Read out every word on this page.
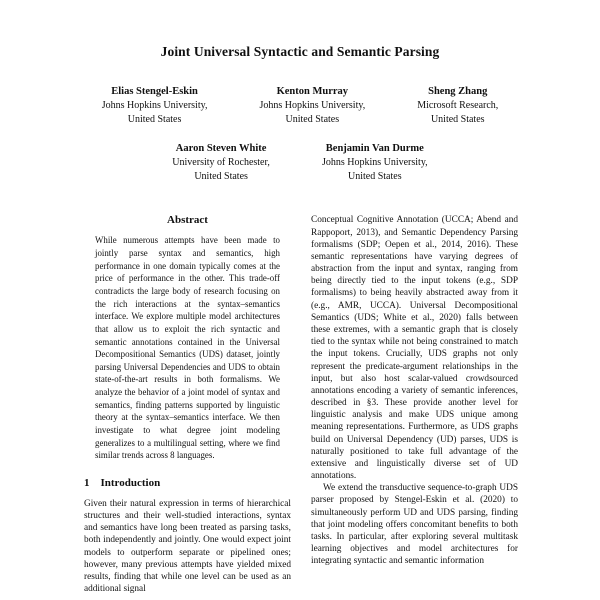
Joint Universal Syntactic and Semantic Parsing
Elias Stengel-Eskin
Johns Hopkins University,
United States
Kenton Murray
Johns Hopkins University,
United States
Sheng Zhang
Microsoft Research,
United States
Aaron Steven White
University of Rochester,
United States
Benjamin Van Durme
Johns Hopkins University,
United States
Abstract
While numerous attempts have been made to jointly parse syntax and semantics, high performance in one domain typically comes at the price of performance in the other. This trade-off contradicts the large body of research focusing on the rich interactions at the syntax–semantics interface. We explore multiple model architectures that allow us to exploit the rich syntactic and semantic annotations contained in the Universal Decompositional Semantics (UDS) dataset, jointly parsing Universal Dependencies and UDS to obtain state-of-the-art results in both formalisms. We analyze the behavior of a joint model of syntax and semantics, finding patterns supported by linguistic theory at the syntax–semantics interface. We then investigate to what degree joint modeling generalizes to a multilingual setting, where we find similar trends across 8 languages.
1 Introduction
Given their natural expression in terms of hierarchical structures and their well-studied interactions, syntax and semantics have long been treated as parsing tasks, both independently and jointly. One would expect joint models to outperform separate or pipelined ones; however, many previous attempts have yielded mixed results, finding that while one level can be used as an additional signal
Conceptual Cognitive Annotation (UCCA; Abend and Rappoport, 2013), and Semantic Dependency Parsing formalisms (SDP; Oepen et al., 2014, 2016). These semantic representations have varying degrees of abstraction from the input and syntax, ranging from being directly tied to the input tokens (e.g., SDP formalisms) to being heavily abstracted away from it (e.g., AMR, UCCA). Universal Decompositional Semantics (UDS; White et al., 2020) falls between these extremes, with a semantic graph that is closely tied to the syntax while not being constrained to match the input tokens. Crucially, UDS graphs not only represent the predicate-argument relationships in the input, but also host scalar-valued crowdsourced annotations encoding a variety of semantic inferences, described in §3. These provide another level for linguistic analysis and make UDS unique among meaning representations. Furthermore, as UDS graphs build on Universal Dependency (UD) parses, UDS is naturally positioned to take full advantage of the extensive and linguistically diverse set of UD annotations.
We extend the transductive sequence-to-graph UDS parser proposed by Stengel-Eskin et al. (2020) to simultaneously perform UD and UDS parsing, finding that joint modeling offers concomitant benefits to both tasks. In particular, after exploring several multitask learning objectives and model architectures for integrating syntactic and semantic information
